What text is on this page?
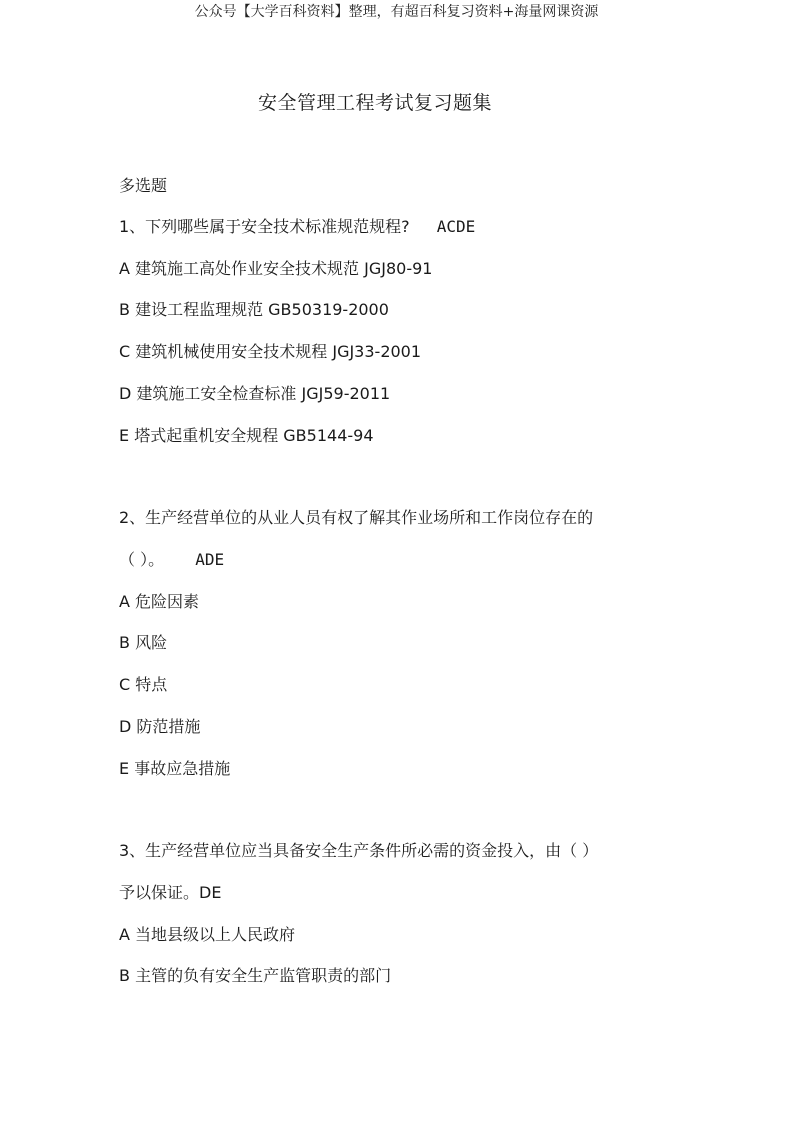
公众号【大学百科资料】整理，有超百科复习资料+海量网课资源
安全管理工程考试复习题集
多选题
1、下列哪些属于安全技术标准规范规程? ACDE
A 建筑施工高处作业安全技术规范 JGJ80-91
B 建设工程监理规范 GB50319-2000
C 建筑机械使用安全技术规程 JGJ33-2001
D 建筑施工安全检查标准 JGJ59-2011
E 塔式起重机安全规程 GB5144-94
2、生产经营单位的从业人员有权了解其作业场所和工作岗位存在的
（ ）。 ADE
A 危险因素
B 风险
C 特点
D 防范措施
E 事故应急措施
3、生产经营单位应当具备安全生产条件所必需的资金投入，由（ ）
予以保证。DE
A 当地县级以上人民政府
B 主管的负有安全生产监管职责的部门
